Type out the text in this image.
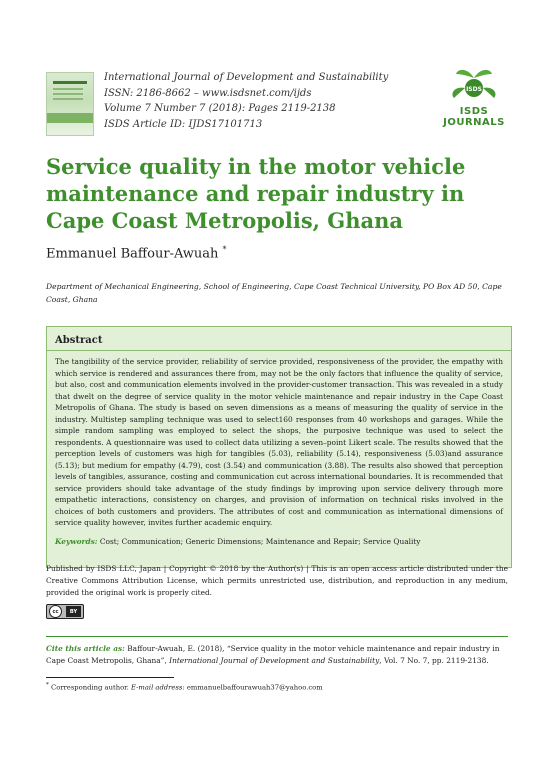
International Journal of Development and Sustainability
ISSN: 2186-8662 – www.isdsnet.com/ijds
Volume 7 Number 7 (2018): Pages 2119-2138
ISDS Article ID: IJDS17101713
ISDS
ISDS JOURNALS
Service quality in the motor vehicle maintenance and repair industry in Cape Coast Metropolis, Ghana
Emmanuel Baffour-Awuah *
Department of Mechanical Engineering, School of Engineering, Cape Coast Technical University, PO Box AD 50, Cape Coast, Ghana
Abstract
The tangibility of the service provider, reliability of service provided, responsiveness of the provider, the empathy with which service is rendered and assurances there from, may not be the only factors that influence the quality of service, but also, cost and communication elements involved in the provider-customer transaction. This was revealed in a study that dwelt on the degree of service quality in the motor vehicle maintenance and repair industry in the Cape Coast Metropolis of Ghana. The study is based on seven dimensions as a means of measuring the quality of service in the industry. Multistep sampling technique was used to select160 responses from 40 workshops and garages. While the simple random sampling was employed to select the shops, the purposive technique was used to select the respondents. A questionnaire was used to collect data utilizing a seven–point Likert scale. The results showed that the perception levels of customers was high for tangibles (5.03), reliability (5.14), responsiveness (5.03)and assurance (5.13); but medium for empathy (4.79), cost (3.54) and communication (3.88). The results also showed that perception levels of tangibles, assurance, costing and communication cut across international boundaries. It is recommended that service providers should take advantage of the study findings by improving upon service delivery through more empathetic interactions, consistency on charges, and provision of information on technical risks involved in the choices of both customers and providers. The attributes of cost and communication as international dimensions of service quality however, invites further academic enquiry.
Keywords: Cost; Communication; Generic Dimensions; Maintenance and Repair; Service Quality
Published by ISDS LLC, Japan | Copyright © 2018 by the Author(s) | This is an open access article distributed under the Creative Commons Attribution License, which permits unrestricted use, distribution, and reproduction in any medium, provided the original work is properly cited.
cc	BY
Cite this article as: Baffour-Awuah, E. (2018), “Service quality in the motor vehicle maintenance and repair industry in Cape Coast Metropolis, Ghana”, International Journal of Development and Sustainability, Vol. 7 No. 7, pp. 2119-2138.
* Corresponding author. E-mail address: emmanuelbaffourawuah37@yahoo.com
